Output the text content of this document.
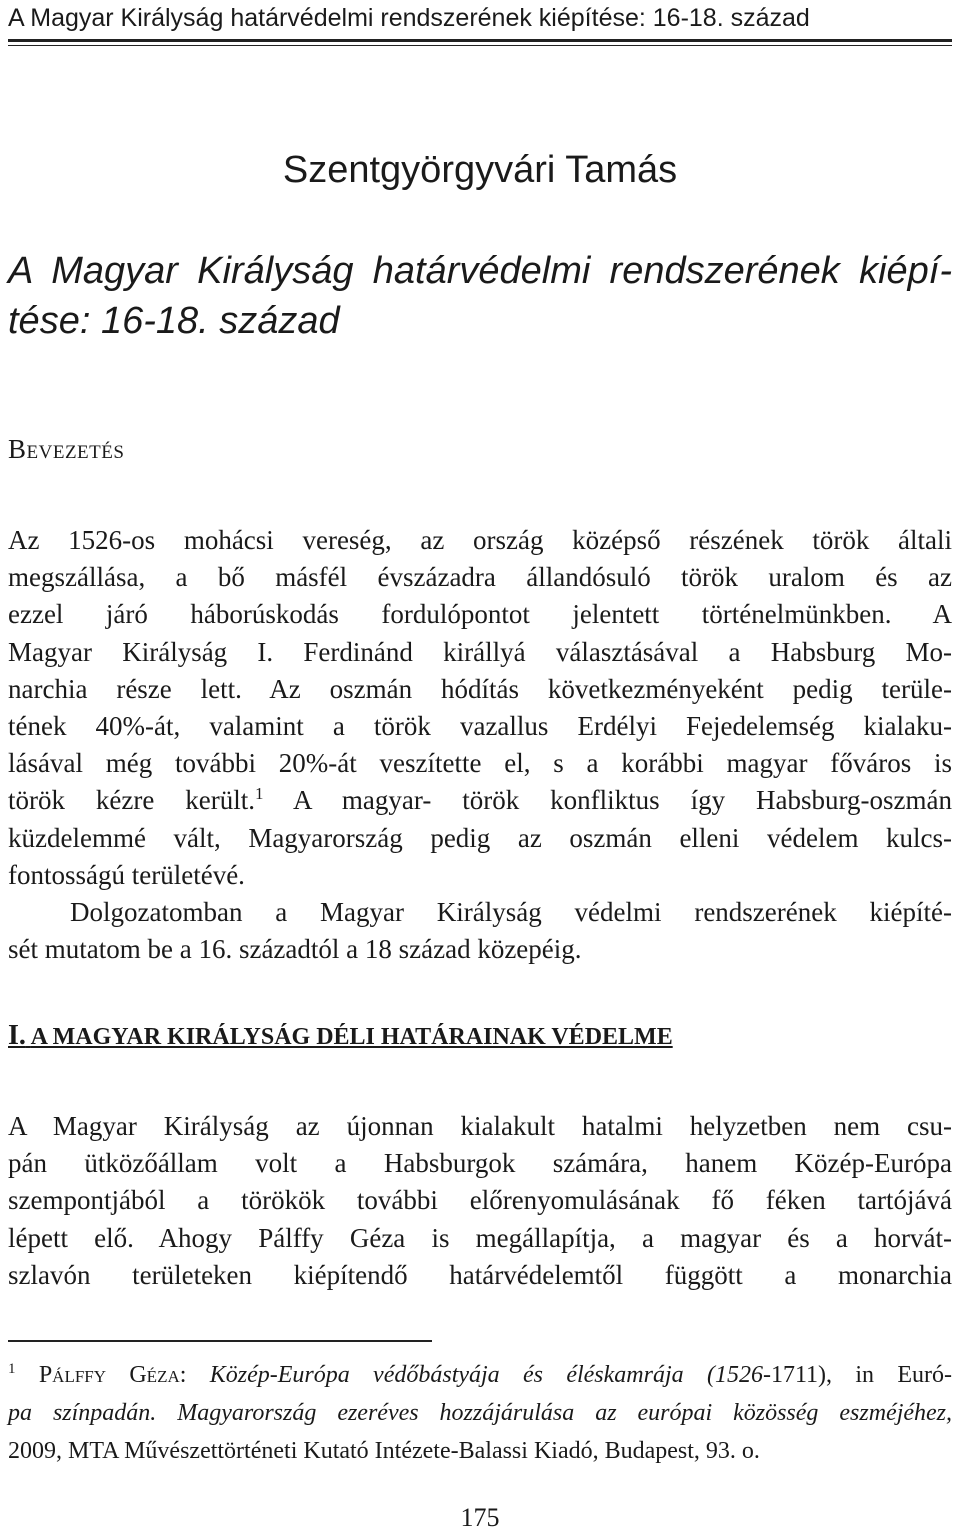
A Magyar Királyság határvédelmi rendszerének kiépítése: 16-18. század
Szentgyörgyvári Tamás
A Magyar Királyság határvédelmi rendszerének kiépí-
tése: 16-18. század
Bevezetés
Az 1526-os mohácsi vereség, az ország középső részének török általi
megszállása, a bő másfél évszázadra állandósuló török uralom és az
ezzel járó háborúskodás fordulópontot jelentett történelmünkben. A
Magyar Királyság I. Ferdinánd királlyá választásával a Habsburg Mo-
narchia része lett. Az oszmán hódítás következményeként pedig terüle-
tének 40%-át, valamint a török vazallus Erdélyi Fejedelemség kialaku-
lásával még további 20%-át veszítette el, s a korábbi magyar főváros is
török kézre került.$^1$ A magyar- török konfliktus így Habsburg-oszmán
küzdelemmé vált, Magyarország pedig az oszmán elleni védelem kulcs-
fontosságú területévé.
Dolgozatomban a Magyar Királyság védelmi rendszerének kiépíté-
sét mutatom be a 16. századtól a 18 század közepéig.
I. A MAGYAR KIRÁLYSÁG DÉLI HATÁRAINAK VÉDELME
A Magyar Királyság az újonnan kialakult hatalmi helyzetben nem csu-
pán ütközőállam volt a Habsburgok számára, hanem Közép-Európa
szempontjából a törökök további előrenyomulásának fő féken tartójává
lépett elő. Ahogy Pálffy Géza is megállapítja, a magyar és a horvát-
szlavón területeken kiépítendő határvédelemtől függött a monarchia
$^1$ Pálffy Géza: Közép-Európa védőbástyája és éléskamrája (1526-1711), in Euró-
pa színpadán. Magyarország ezeréves hozzájárulása az európai közösség eszméjéhez,
2009, MTA Művészettörténeti Kutató Intézete-Balassi Kiadó, Budapest, 93. o.
175
